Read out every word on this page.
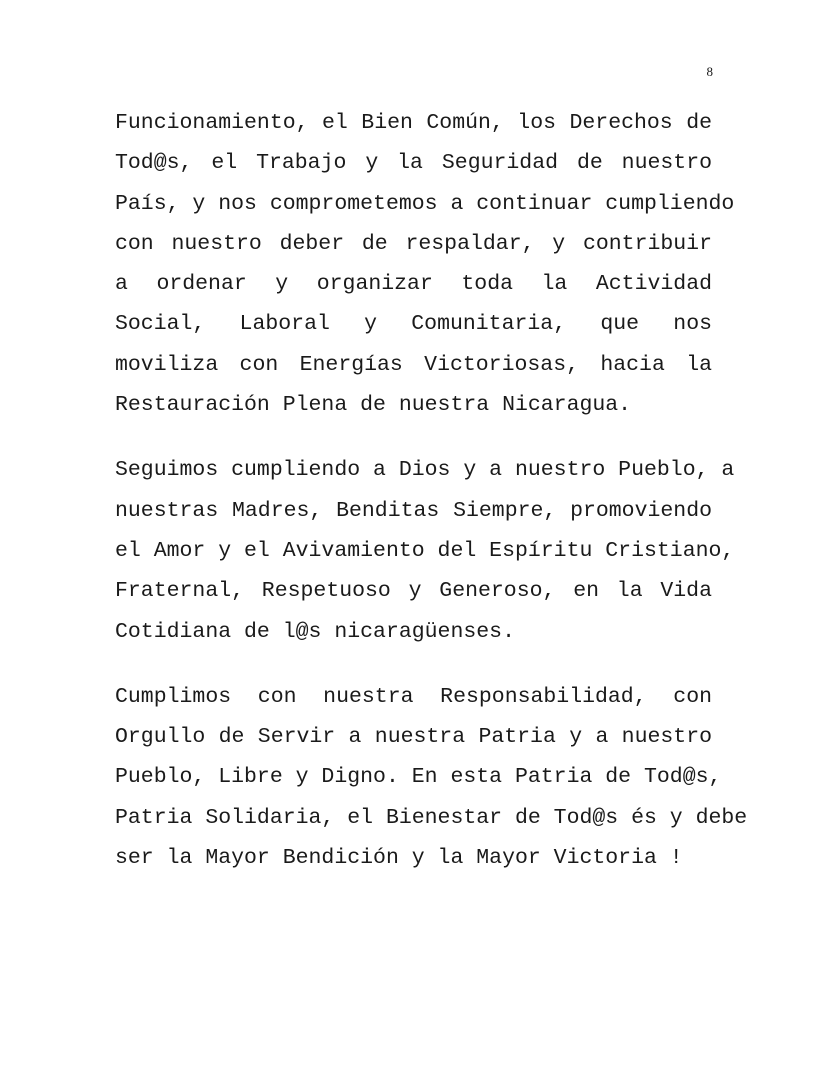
8

Funcionamiento, el Bien Común, los Derechos de
Tod@s, el Trabajo y la Seguridad de nuestro
País, y nos comprometemos a continuar cumpliendo
con nuestro deber de respaldar, y contribuir
a ordenar y organizar toda la Actividad
Social, Laboral y Comunitaria, que nos
moviliza con Energías Victoriosas, hacia la
Restauración Plena de nuestra Nicaragua.

Seguimos cumpliendo a Dios y a nuestro Pueblo, a
nuestras Madres, Benditas Siempre, promoviendo
el Amor y el Avivamiento del Espíritu Cristiano,
Fraternal, Respetuoso y Generoso, en la Vida
Cotidiana de l@s nicaragüenses.

Cumplimos con nuestra Responsabilidad, con
Orgullo de Servir a nuestra Patria y a nuestro
Pueblo, Libre y Digno. En esta Patria de Tod@s,
Patria Solidaria, el Bienestar de Tod@s és y debe
ser la Mayor Bendición y la Mayor Victoria !
